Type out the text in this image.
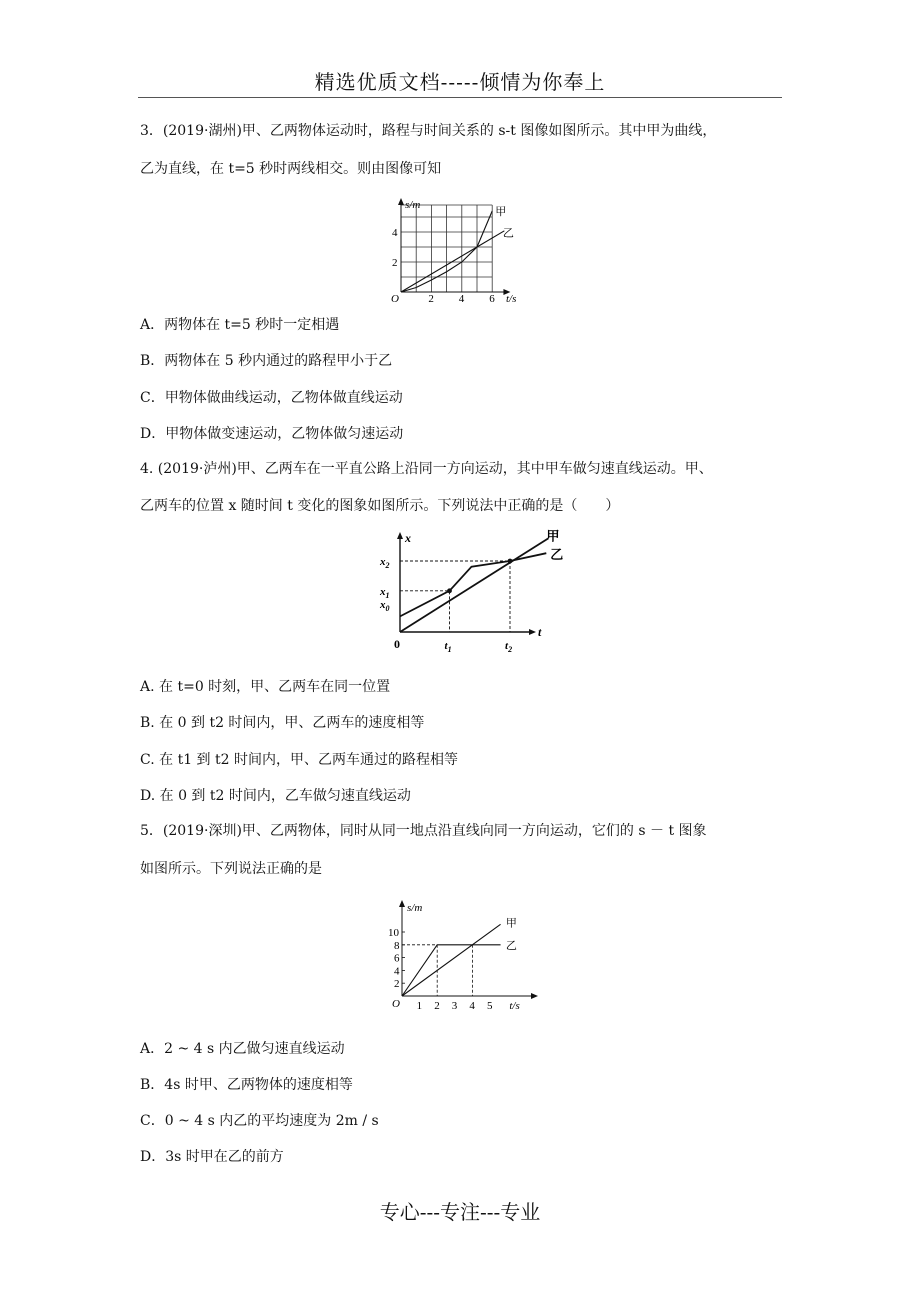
精选优质文档-----倾情为你奉上
3．(2019·湖州)甲、乙两物体运动时，路程与时间关系的 s-t 图像如图所示。其中甲为曲线，
乙为直线，在 t=5 秒时两线相交。则由图像可知
s/m
t/s
O	2 4 6
2
4
甲
乙
A．两物体在 t=5 秒时一定相遇
B．两物体在 5 秒内通过的路程甲小于乙
C．甲物体做曲线运动，乙物体做直线运动
D．甲物体做变速运动，乙物体做匀速运动
4. (2019·泸州)甲、乙两车在一平直公路上沿同一方向运动，其中甲车做匀速直线运动。甲、
乙两车的位置 x 随时间 t 变化的图象如图所示。下列说法中正确的是（　　）
x
t
0
$x_0$
$x_1$
$x_2$
$t_1$	$t_2$
甲
乙
A. 在 t=0 时刻，甲、乙两车在同一位置
B. 在 0 到 t2 时间内，甲、乙两车的速度相等
C. 在 t1 到 t2 时间内，甲、乙两车通过的路程相等
D. 在 0 到 t2 时间内，乙车做匀速直线运动
5．(2019·深圳)甲、乙两物体，同时从同一地点沿直线向同一方向运动，它们的 s － t 图象
如图所示。下列说法正确的是
s/m
t/s
O 1 2 3 4 5
2
4
6
8
10
甲
乙
A．2 ~ 4 s 内乙做匀速直线运动
B．4s 时甲、乙两物体的速度相等
C．0 ~ 4 s 内乙的平均速度为 2m / s
D．3s 时甲在乙的前方
专心---专注---专业
